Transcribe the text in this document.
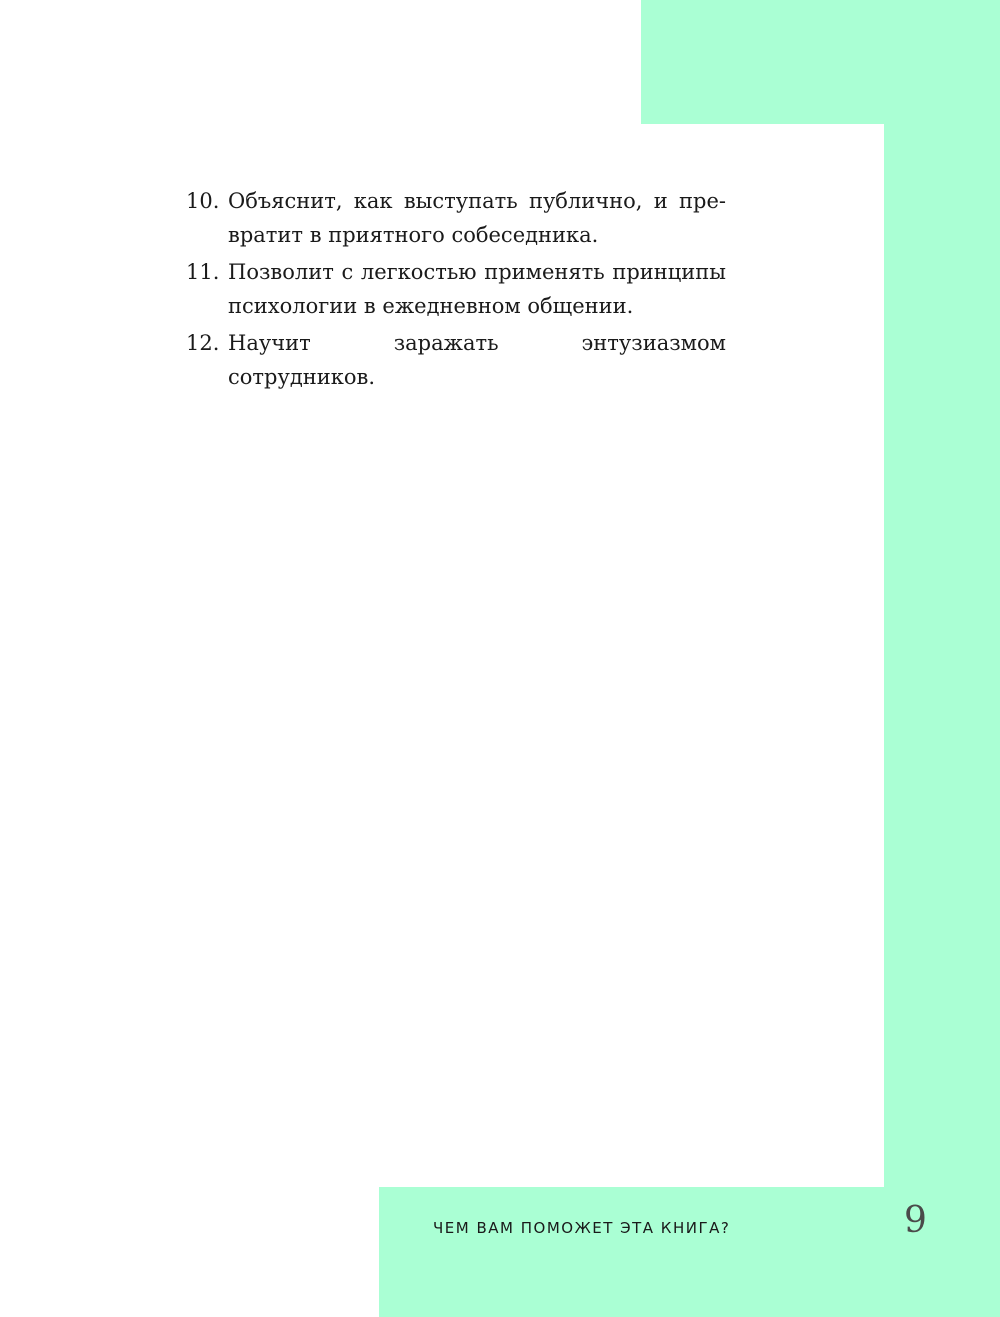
10. Объяснит, как выступать публично, и превратит в приятного собеседника.
11. Позволит с легкостью применять принципы психологии в ежедневном общении.
12. Научит заражать энтузиазмом сотрудников.
ЧЕМ ВАМ ПОМОЖЕТ ЭТА КНИГА?	9
